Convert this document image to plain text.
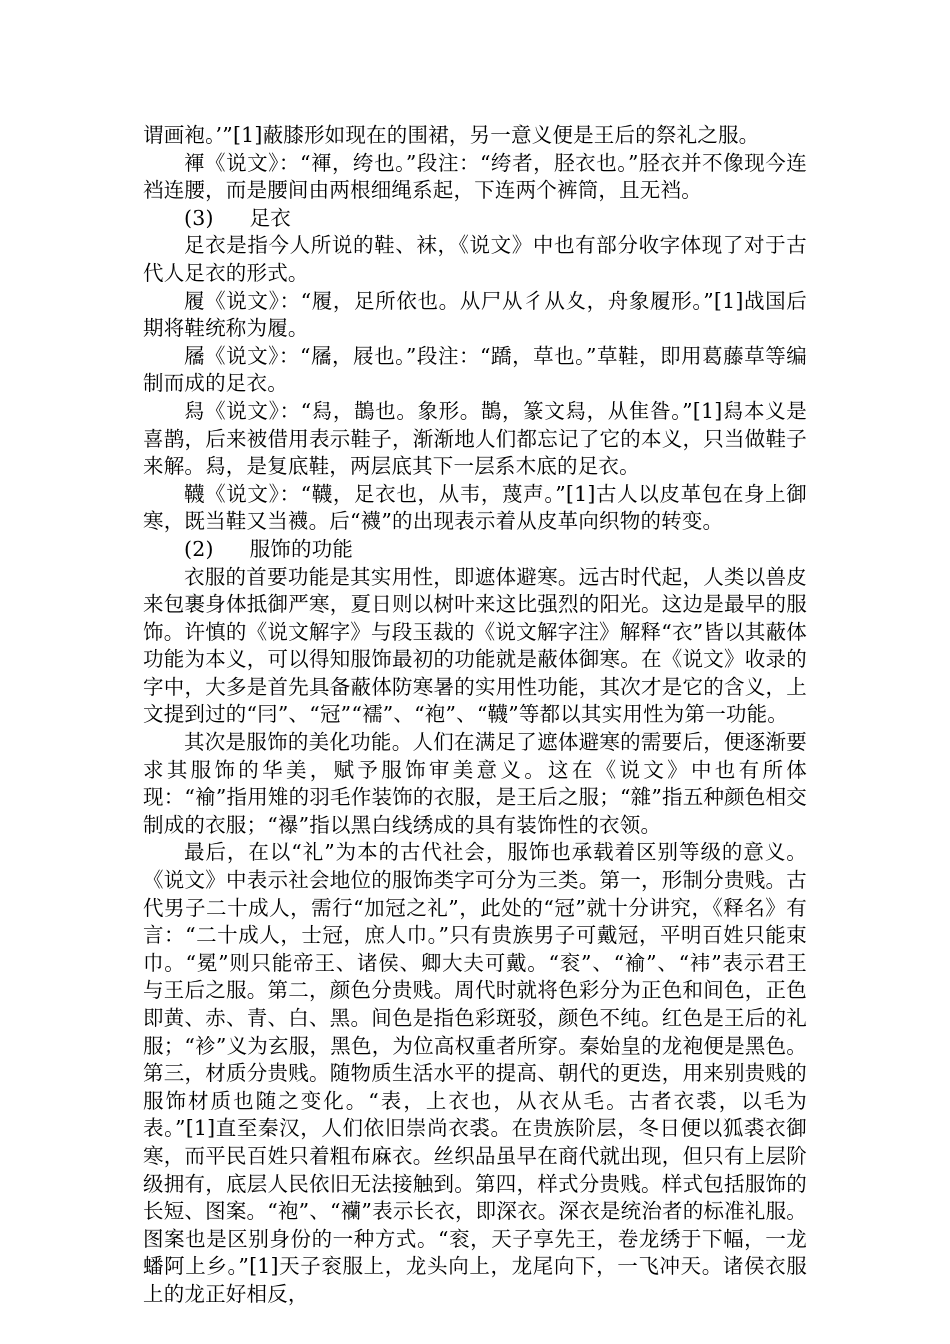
谓画袍。’”[1]蔽膝形如现在的围裙，另一意义便是王后的祭礼之服。

褌《说文》：“褌，绔也。”段注：“绔者，胫衣也。”胫衣并不像现今连裆连腰，而是腰间由两根细绳系起，下连两个裤筒，且无裆。

(3) 足衣

足衣是指今人所说的鞋、袜，《说文》中也有部分收字体现了对于古代人足衣的形式。

履《说文》：“履，足所依也。从尸从彳从夊，舟象履形。”[1]战国后期将鞋统称为履。

屩《说文》：“屩，屐也。”段注：“蹻，草也。”草鞋，即用葛藤草等编制而成的足衣。

舄《说文》：“舄，鵲也。象形。鵲，篆文舄，从隹昝。”[1]舄本义是喜鹊，后来被借用表示鞋子，渐渐地人们都忘记了它的本义，只当做鞋子来解。舄，是复底鞋，两层底其下一层系木底的足衣。

韈《说文》：“韈，足衣也，从韦，蔑声。”[1]古人以皮革包在身上御寒，既当鞋又当襪。后“襪”的出现表示着从皮革向织物的转变。

(2) 服饰的功能

衣服的首要功能是其实用性，即遮体避寒。远古时代起，人类以兽皮来包裹身体抵御严寒，夏日则以树叶来这比强烈的阳光。这边是最早的服饰。许慎的《说文解字》与段玉裁的《说文解字注》解释“衣”皆以其蔽体功能为本义，可以得知服饰最初的功能就是蔽体御寒。在《说文》收录的字中，大多是首先具备蔽体防寒暑的实用性功能，其次才是它的含义，上文提到过的“冃”、“冠”“襦”、“袍”、“韈”等都以其实用性为第一功能。

其次是服饰的美化功能。人们在满足了遮体避寒的需要后，便逐渐要求其服饰的华美，赋予服饰审美意义。这在《说文》中也有所体现：“褕”指用雉的羽毛作装饰的衣服，是王后之服；“雜”指五种颜色相交制成的衣服；“襮”指以黑白线绣成的具有装饰性的衣领。

最后，在以“礼”为本的古代社会，服饰也承载着区别等级的意义。《说文》中表示社会地位的服饰类字可分为三类。第一，形制分贵贱。古代男子二十成人，需行“加冠之礼”，此处的“冠”就十分讲究，《释名》有言：“二十成人，士冠，庶人巾。”只有贵族男子可戴冠，平明百姓只能束巾。“冕”则只能帝王、诸侯、卿大夫可戴。“衮”、“褕”、“袆”表示君王与王后之服。第二，颜色分贵贱。周代时就将色彩分为正色和间色，正色即黄、赤、青、白、黑。间色是指色彩斑驳，颜色不纯。红色是王后的礼服；“袗”义为玄服，黑色，为位高权重者所穿。秦始皇的龙袍便是黑色。第三，材质分贵贱。随物质生活水平的提高、朝代的更迭，用来别贵贱的服饰材质也随之变化。“表，上衣也，从衣从毛。古者衣裘，以毛为表。”[1]直至秦汉，人们依旧崇尚衣裘。在贵族阶层，冬日便以狐裘衣御寒，而平民百姓只着粗布麻衣。丝织品虽早在商代就出现，但只有上层阶级拥有，底层人民依旧无法接触到。第四，样式分贵贱。样式包括服饰的长短、图案。“袍”、“襽”表示长衣，即深衣。深衣是统治者的标准礼服。图案也是区别身份的一种方式。“衮，天子享先王，卷龙绣于下幅，一龙蟠阿上乡。”[1]天子衮服上，龙头向上，龙尾向下，一飞冲天。诸侯衣服上的龙正好相反，
